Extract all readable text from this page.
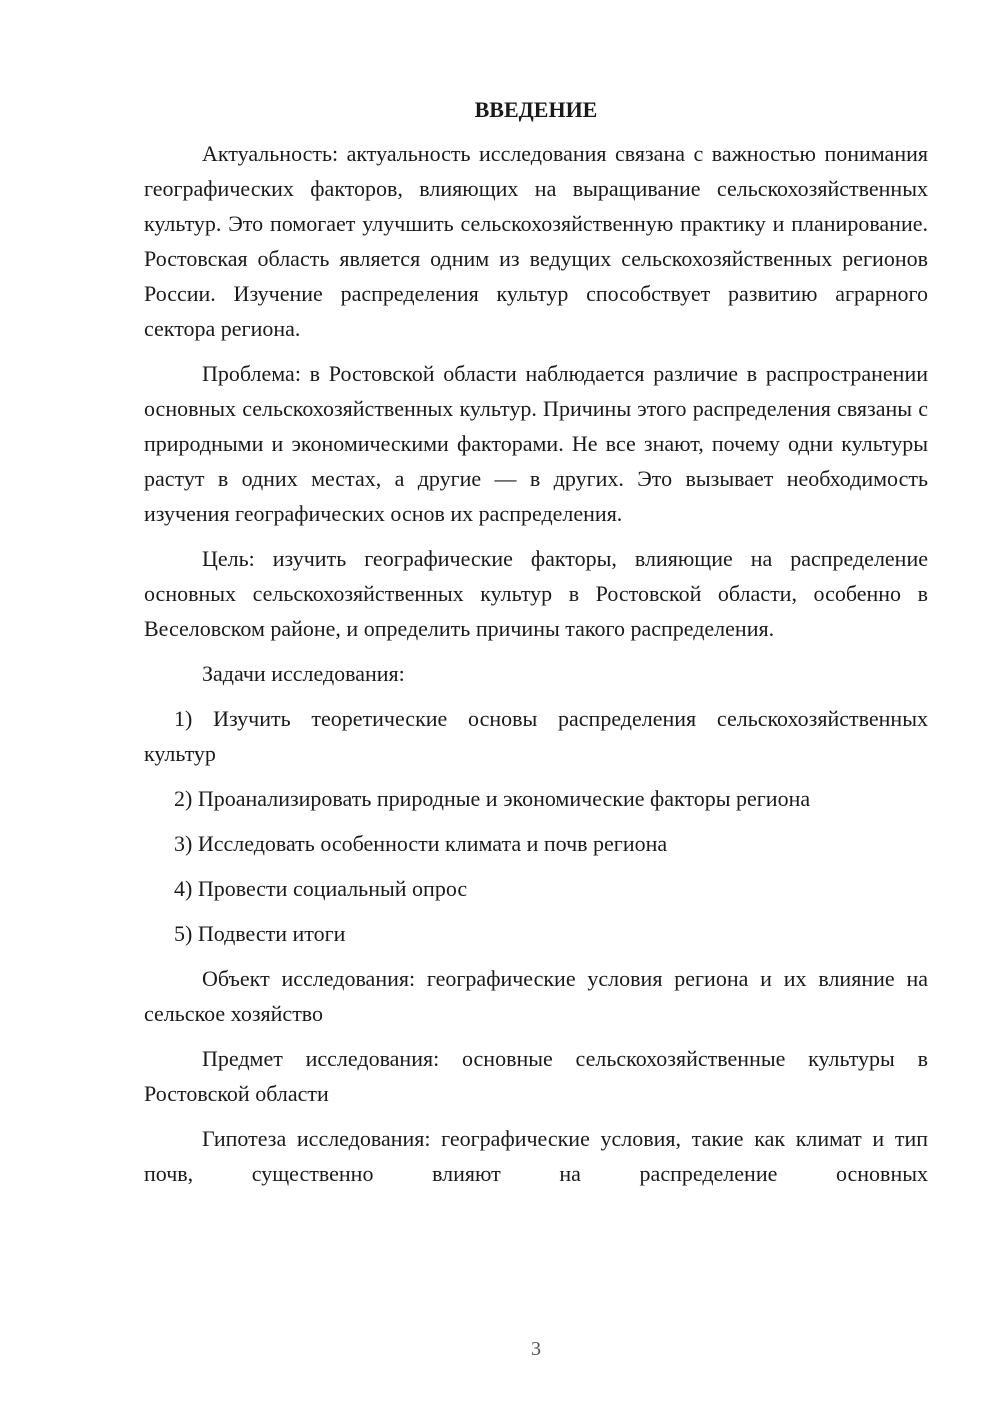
ВВЕДЕНИЕ

Актуальность: актуальность исследования связана с важностью понимания географических факторов, влияющих на выращивание сельскохозяйственных культур. Это помогает улучшить сельскохозяйственную практику и планирование. Ростовская область является одним из ведущих сельскохозяйственных регионов России. Изучение распределения культур способствует развитию аграрного сектора региона.

Проблема: в Ростовской области наблюдается различие в распространении основных сельскохозяйственных культур. Причины этого распределения связаны с природными и экономическими факторами. Не все знают, почему одни культуры растут в одних местах, а другие — в других. Это вызывает необходимость изучения географических основ их распределения.

Цель: изучить географические факторы, влияющие на распределение основных сельскохозяйственных культур в Ростовской области, особенно в Веселовском районе, и определить причины такого распределения.

Задачи исследования:

1) Изучить теоретические основы распределения сельскохозяйственных культур

2) Проанализировать природные и экономические факторы региона

3) Исследовать особенности климата и почв региона

4) Провести социальный опрос

5) Подвести итоги

Объект исследования: географические условия региона и их влияние на сельское хозяйство

Предмет исследования: основные сельскохозяйственные культуры в Ростовской области

Гипотеза исследования: географические условия, такие как климат и тип почв, существенно влияют на распределение основных

3
